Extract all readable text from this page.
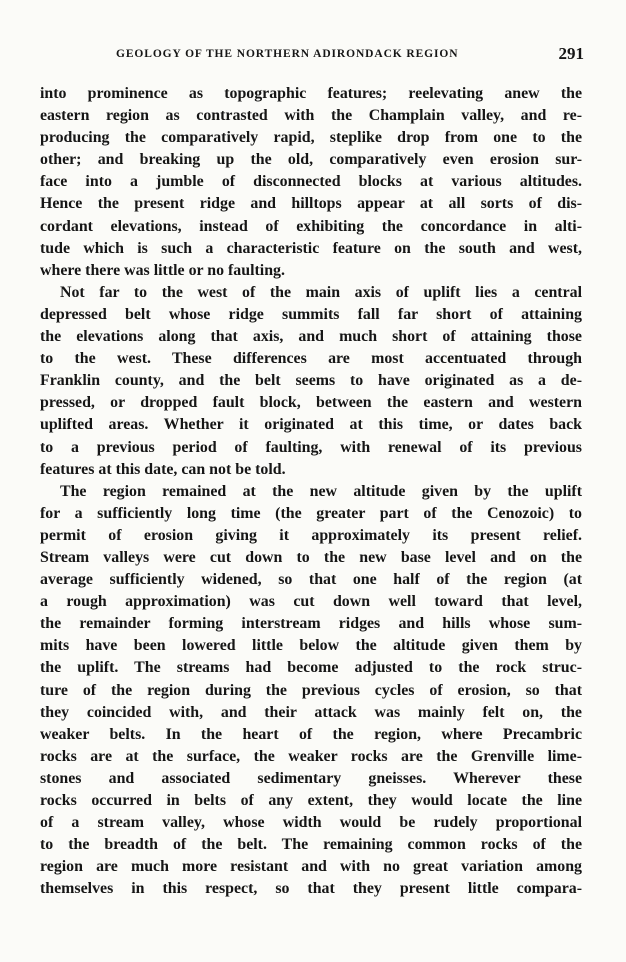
GEOLOGY OF THE NORTHERN ADIRONDACK REGION	291

into prominence as topographic features; reelevating anew the
eastern region as contrasted with the Champlain valley, and re-
producing the comparatively rapid, steplike drop from one to the
other; and breaking up the old, comparatively even erosion sur-
face into a jumble of disconnected blocks at various altitudes.
Hence the present ridge and hilltops appear at all sorts of dis-
cordant elevations, instead of exhibiting the concordance in alti-
tude which is such a characteristic feature on the south and west,
where there was little or no faulting.

Not far to the west of the main axis of uplift lies a central
depressed belt whose ridge summits fall far short of attaining
the elevations along that axis, and much short of attaining those
to the west. These differences are most accentuated through
Franklin county, and the belt seems to have originated as a de-
pressed, or dropped fault block, between the eastern and western
uplifted areas. Whether it originated at this time, or dates back
to a previous period of faulting, with renewal of its previous
features at this date, can not be told.

The region remained at the new altitude given by the uplift
for a sufficiently long time (the greater part of the Cenozoic) to
permit of erosion giving it approximately its present relief.
Stream valleys were cut down to the new base level and on the
average sufficiently widened, so that one half of the region (at
a rough approximation) was cut down well toward that level,
the remainder forming interstream ridges and hills whose sum-
mits have been lowered little below the altitude given them by
the uplift. The streams had become adjusted to the rock struc-
ture of the region during the previous cycles of erosion, so that
they coincided with, and their attack was mainly felt on, the
weaker belts. In the heart of the region, where Precambric
rocks are at the surface, the weaker rocks are the Grenville lime-
stones and associated sedimentary gneisses. Wherever these
rocks occurred in belts of any extent, they would locate the line
of a stream valley, whose width would be rudely proportional
to the breadth of the belt. The remaining common rocks of the
region are much more resistant and with no great variation among
themselves in this respect, so that they present little compara-
